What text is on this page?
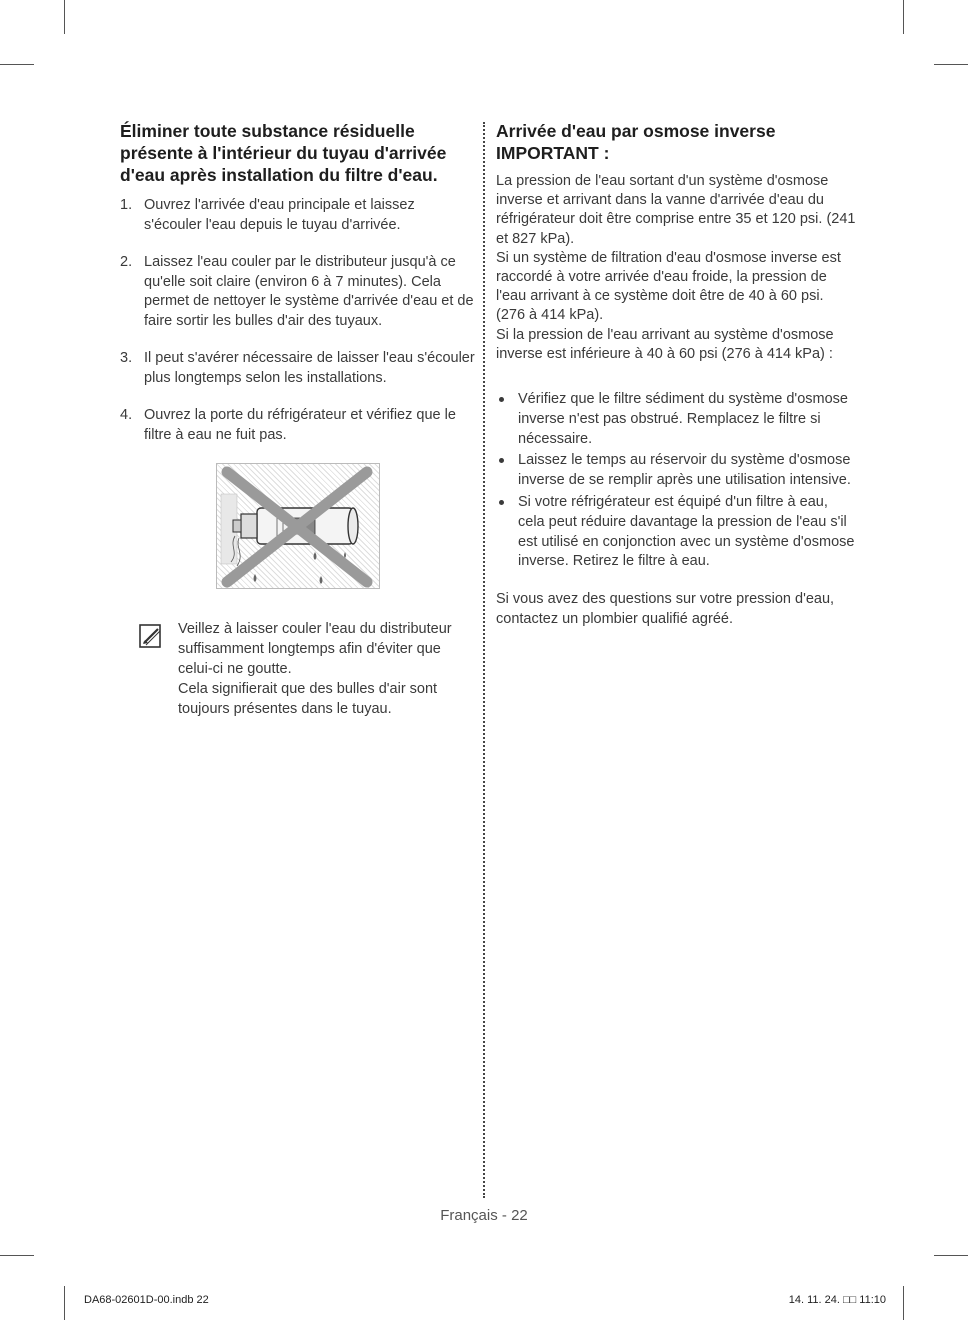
Éliminer toute substance résiduelle présente à l'intérieur du tuyau d'arrivée d'eau après installation du filtre d'eau.
1. Ouvrez l'arrivée d'eau principale et laissez s'écouler l'eau depuis le tuyau d'arrivée.
2. Laissez l'eau couler par le distributeur jusqu'à ce qu'elle soit claire (environ 6 à 7 minutes). Cela permet de nettoyer le système d'arrivée d'eau et de faire sortir les bulles d'air des tuyaux.
3. Il peut s'avérer nécessaire de laisser l'eau s'écouler plus longtemps selon les installations.
4. Ouvrez la porte du réfrigérateur et vérifiez que le filtre à eau ne fuit pas.

Veillez à laisser couler l'eau du distributeur suffisamment longtemps afin d'éviter que celui-ci ne goutte.

Cela signifierait que des bulles d'air sont toujours présentes dans le tuyau.

Arrivée d'eau par osmose inverse
IMPORTANT :

La pression de l'eau sortant d'un système d'osmose inverse et arrivant dans la vanne d'arrivée d'eau du réfrigérateur doit être comprise entre 35 et 120 psi. (241 et 827 kPa).

Si un système de filtration d'eau d'osmose inverse est raccordé à votre arrivée d'eau froide, la pression de l'eau arrivant à ce système doit être de 40 à 60 psi. (276 à 414 kPa).

Si la pression de l'eau arrivant au système d'osmose inverse est inférieure à 40 à 60 psi (276 à 414 kPa) :

Vérifiez que le filtre sédiment du système d'osmose inverse n'est pas obstrué. Remplacez le filtre si nécessaire.
Laissez le temps au réservoir du système d'osmose inverse de se remplir après une utilisation intensive.
Si votre réfrigérateur est équipé d'un filtre à eau, cela peut réduire davantage la pression de l'eau s'il est utilisé en conjonction avec un système d'osmose inverse. Retirez le filtre à eau.

Si vous avez des questions sur votre pression d'eau, contactez un plombier qualifié agréé.

Français - 22
DA68-02601D-00.indb 22	14. 11. 24. □□ 11:10
